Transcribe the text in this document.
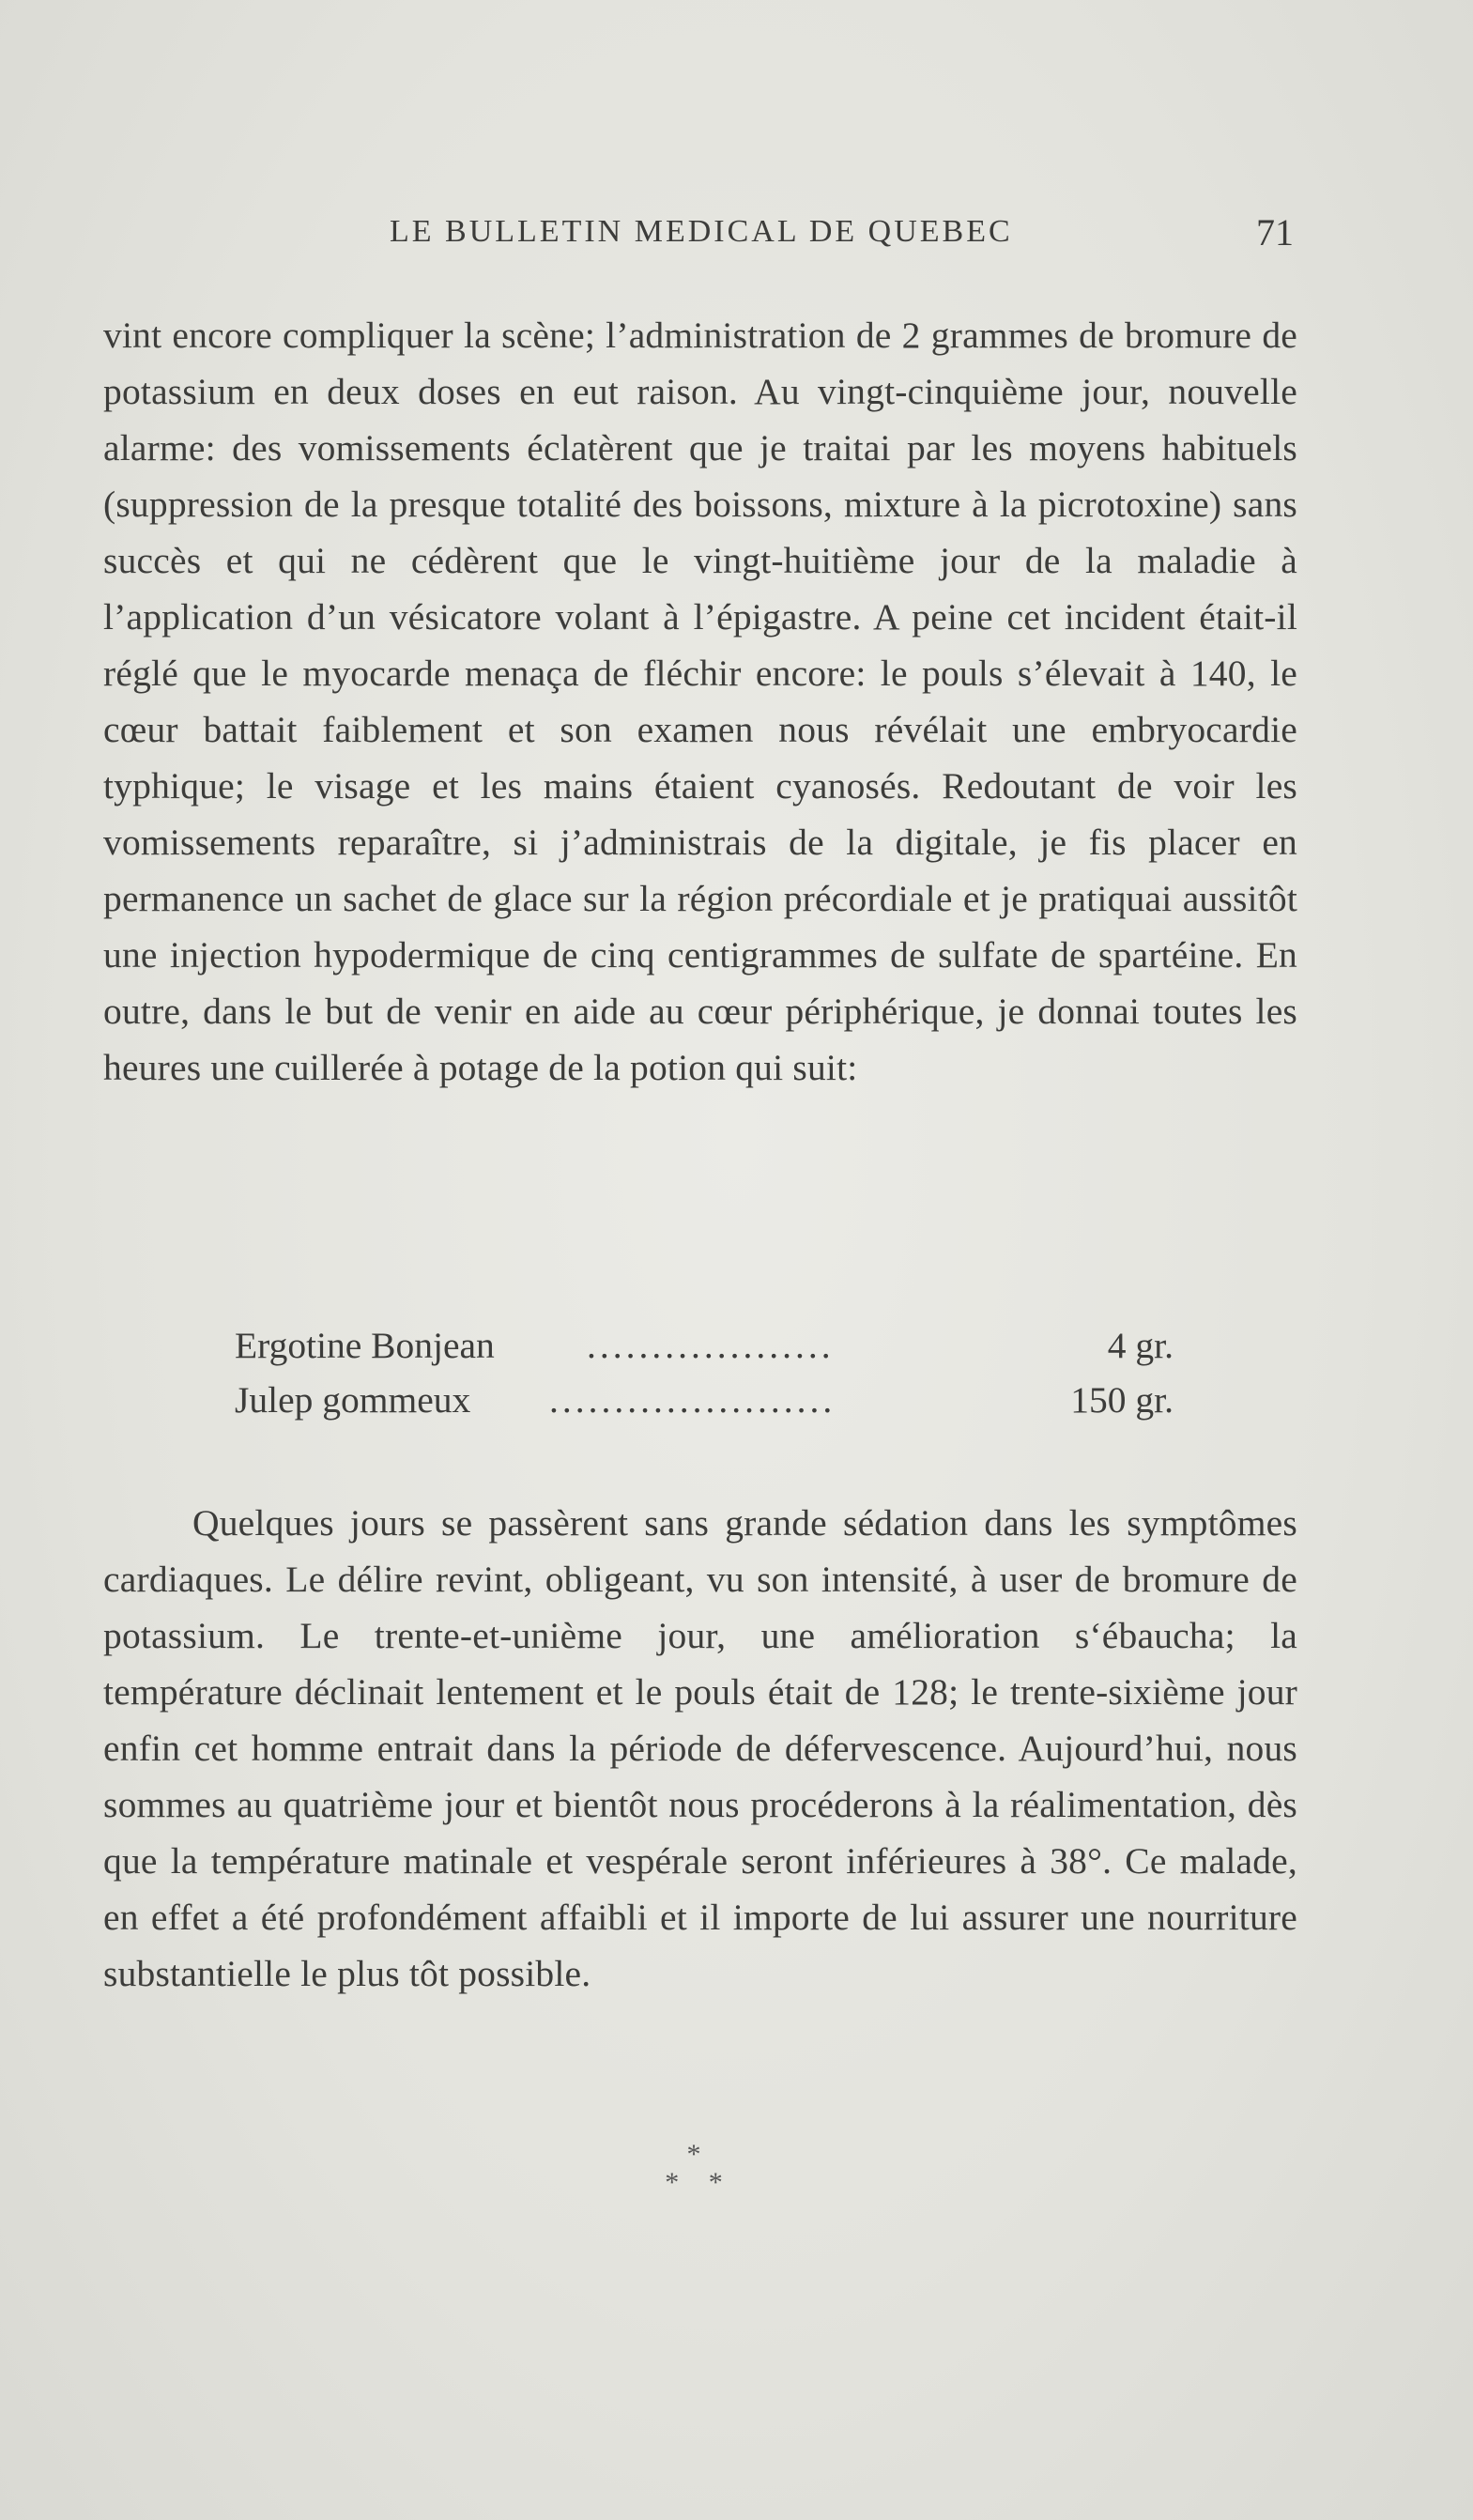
LE BULLETIN MEDICAL DE QUEBEC	71

vint encore compliquer la scène; l’administration de 2 grammes de bromure de potassium en deux doses en eut raison. Au vingt-cinquième jour, nouvelle alarme: des vomissements éclatèrent que je traitai par les moyens habituels (suppression de la presque totalité des boissons, mixture à la picrotoxine) sans succès et qui ne cédèrent que le vingt-huitième jour de la maladie à l’application d’un vésicatore volant à l’épigastre. A peine cet incident était-il réglé que le myocarde menaça de fléchir encore: le pouls s’élevait à 140, le cœur battait faiblement et son examen nous révélait une embryocardie typhique; le visage et les mains étaient cyanosés. Redoutant de voir les vomissements reparaître, si j’administrais de la digitale, je fis placer en permanence un sachet de glace sur la région précordiale et je pratiquai aussitôt une injection hypodermique de cinq centigrammes de sulfate de spartéine. En outre, dans le but de venir en aide au cœur périphérique, je donnai toutes les heures une cuillerée à potage de la potion qui suit:

Ergotine Bonjean ...................	4 gr.
Julep gommeux ......................	150 gr.

Quelques jours se passèrent sans grande sédation dans les symptômes cardiaques. Le délire revint, obligeant, vu son intensité, à user de bromure de potassium. Le trente-et-unième jour, une amélioration s‘ébaucha; la température déclinait lentement et le pouls était de 128; le trente-sixième jour enfin cet homme entrait dans la période de défervescence. Aujourd’hui, nous sommes au quatrième jour et bientôt nous procéderons à la réalimentation, dès que la température matinale et vespérale seront inférieures à 38°. Ce malade, en effet a été profondément affaibli et il importe de lui assurer une nourriture substantielle le plus tôt possible.

*
* *
